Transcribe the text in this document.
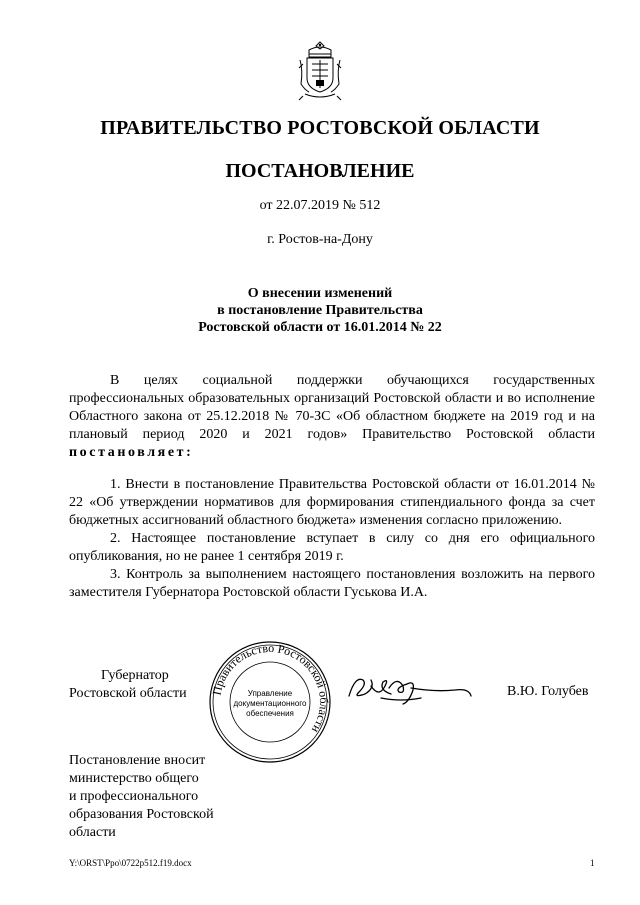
ПРАВИТЕЛЬСТВО РОСТОВСКОЙ ОБЛАСТИ
ПОСТАНОВЛЕНИЕ
от 22.07.2019 № 512
г. Ростов-на-Дону
О внесении изменений
в постановление Правительства
Ростовской области от 16.01.2014 № 22

В целях социальной поддержки обучающихся государственных профессиональных образовательных организаций Ростовской области и во исполнение Областного закона от 25.12.2018 № 70-ЗС «Об областном бюджете на 2019 год и на плановый период 2020 и 2021 годов» Правительство Ростовской области постановляет:

1. Внести в постановление Правительства Ростовской области от 16.01.2014 № 22 «Об утверждении нормативов для формирования стипендиального фонда за счет бюджетных ассигнований областного бюджета» изменения согласно приложению.

2. Настоящее постановление вступает в силу со дня его официального опубликования, но не ранее 1 сентября 2019 г.

3. Контроль за выполнением настоящего постановления возложить на первого заместителя Губернатора Ростовской области Гуськова И.А.

Губернатор
Ростовской области Правительство Ростовской области
Управление
документационного
обеспечения
В.Ю. Голубев
Постановление вносит
министерство общего
и профессионального
образования Ростовской
области
Y:\ORST\Ppo\0722p512.f19.docx	1
